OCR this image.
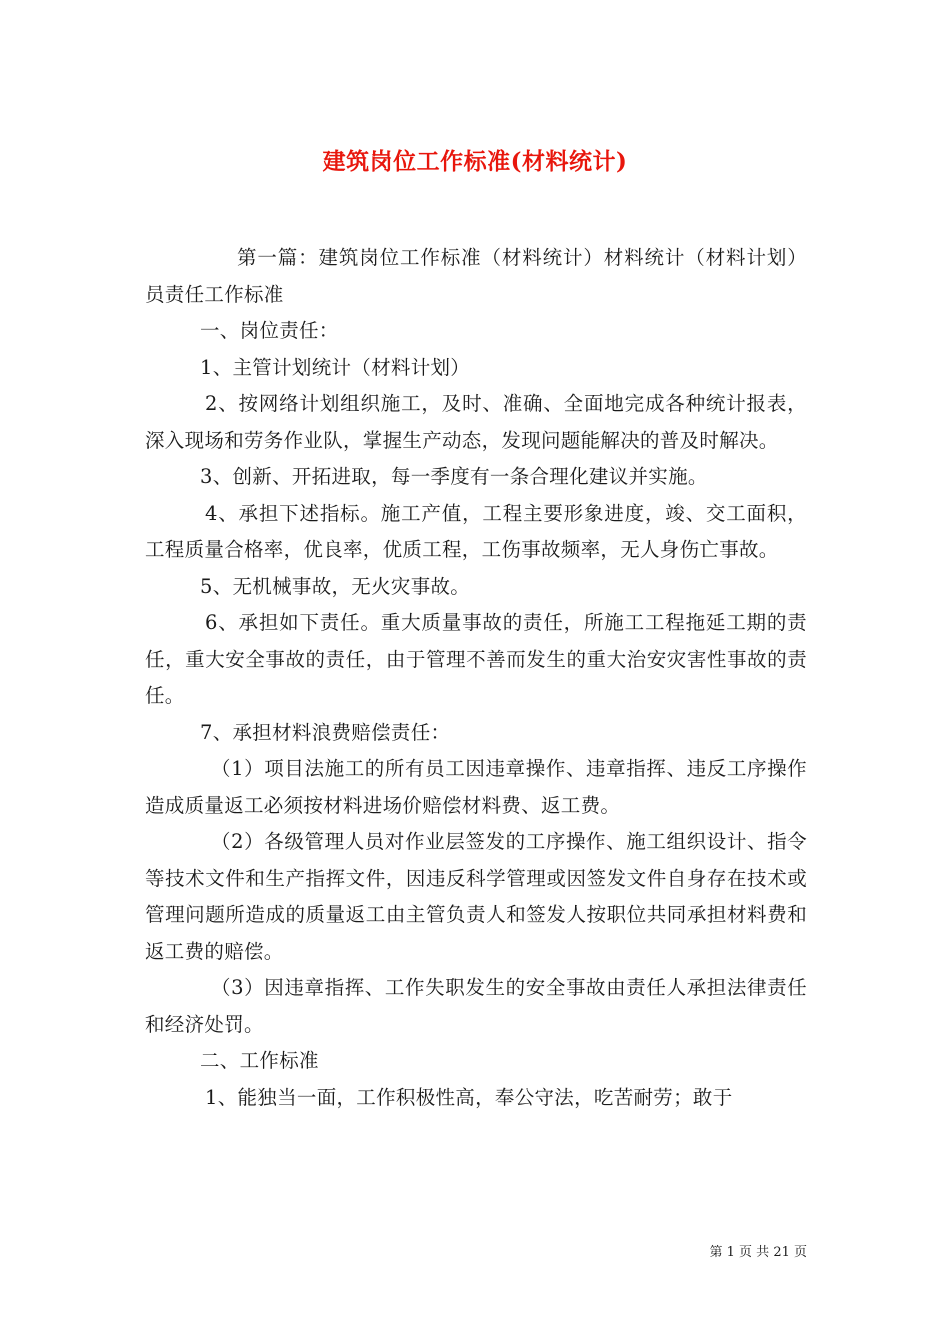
建筑岗位工作标准(材料统计)

第一篇：建筑岗位工作标准（材料统计）材料统计（材料计划）员责任工作标准

一、岗位责任：

1、主管计划统计（材料计划）

2、按网络计划组织施工，及时、准确、全面地完成各种统计报表，深入现场和劳务作业队，掌握生产动态，发现问题能解决的普及时解决。

3、创新、开拓进取，每一季度有一条合理化建议并实施。

4、承担下述指标。施工产值，工程主要形象进度，竣、交工面积，工程质量合格率，优良率，优质工程，工伤事故频率，无人身伤亡事故。

5、无机械事故，无火灾事故。

6、承担如下责任。重大质量事故的责任，所施工工程拖延工期的责任，重大安全事故的责任，由于管理不善而发生的重大治安灾害性事故的责任。

7、承担材料浪费赔偿责任：

（1）项目法施工的所有员工因违章操作、违章指挥、违反工序操作造成质量返工必须按材料进场价赔偿材料费、返工费。

（2）各级管理人员对作业层签发的工序操作、施工组织设计、指令等技术文件和生产指挥文件，因违反科学管理或因签发文件自身存在技术或管理问题所造成的质量返工由主管负责人和签发人按职位共同承担材料费和返工费的赔偿。

（3）因违章指挥、工作失职发生的安全事故由责任人承担法律责任和经济处罚。

二、工作标准

1、能独当一面，工作积极性高，奉公守法，吃苦耐劳；敢于

第 1 页 共 21 页
